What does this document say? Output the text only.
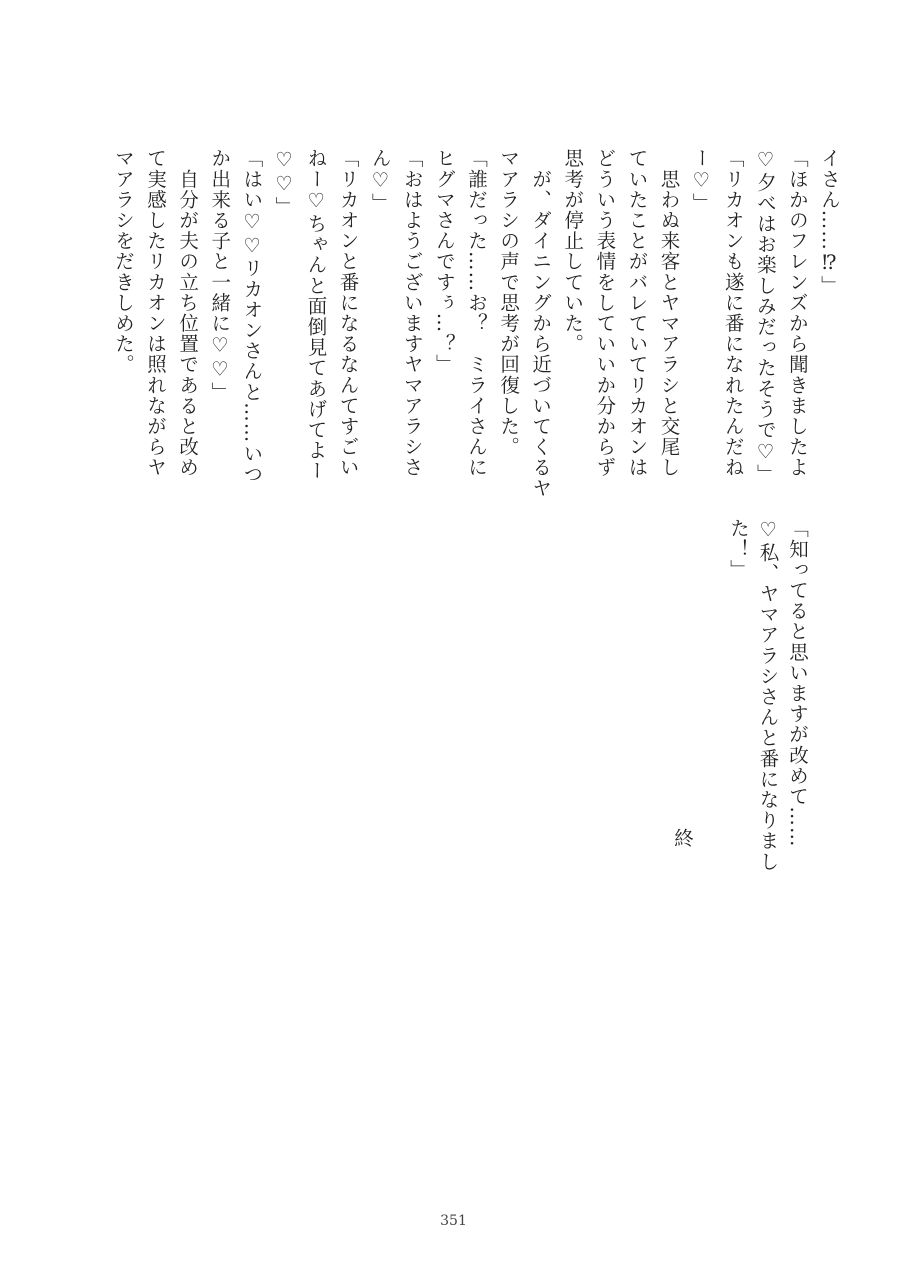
イさん……⁉」
「ほかのフレンズから聞きましたよ
♡夕べはお楽しみだったそうで♡」
「リカオンも遂に番になれたんだね
ー♡」
　思わぬ来客とヤマアラシと交尾し
ていたことがバレていてリカオンは
どういう表情をしていいか分からず
思考が停止していた。
　が、ダイニングから近づいてくるヤ
マアラシの声で思考が回復した。
「誰だった……お？　ミライさんに
ヒグマさんですぅ…？」
「おはようございますヤマアラシさ
ん♡」
「リカオンと番になるなんてすごい
ねー♡ちゃんと面倒見てあげてよー
♡♡」
「はい♡♡リカオンさんと……いつ
か出来る子と一緒に♡♡」
　自分が夫の立ち位置であると改め
て実感したリカオンは照れながらヤ
マアラシをだきしめた。
「知ってると思いますが改めて……
♡私、ヤマアラシさんと番になりまし
た！」
終
351
